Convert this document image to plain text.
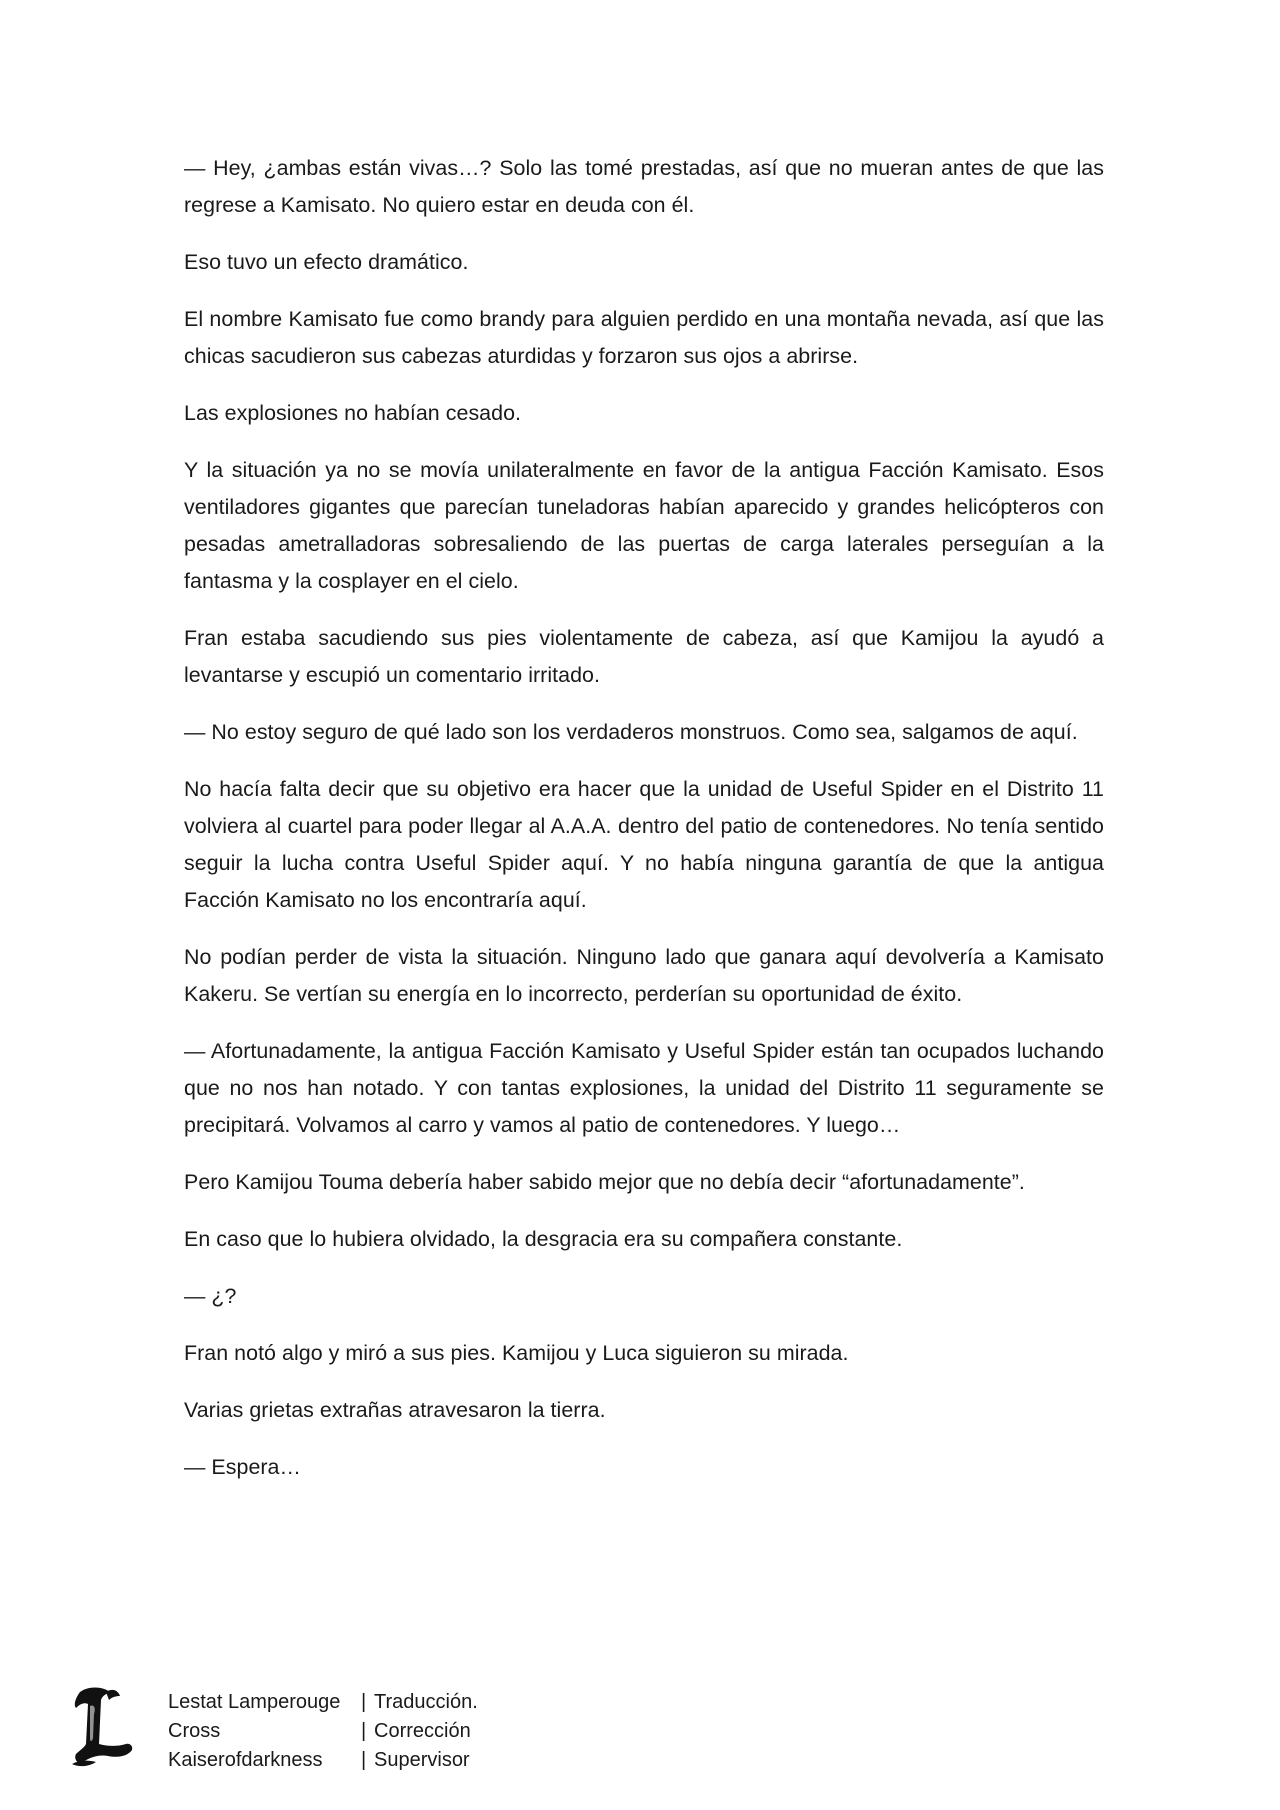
— Hey, ¿ambas están vivas…? Solo las tomé prestadas, así que no mueran antes de que las regrese a Kamisato. No quiero estar en deuda con él.

Eso tuvo un efecto dramático.

El nombre Kamisato fue como brandy para alguien perdido en una montaña nevada, así que las chicas sacudieron sus cabezas aturdidas y forzaron sus ojos a abrirse.

Las explosiones no habían cesado.

Y la situación ya no se movía unilateralmente en favor de la antigua Facción Kamisato. Esos ventiladores gigantes que parecían tuneladoras habían aparecido y grandes helicópteros con pesadas ametralladoras sobresaliendo de las puertas de carga laterales perseguían a la fantasma y la cosplayer en el cielo.

Fran estaba sacudiendo sus pies violentamente de cabeza, así que Kamijou la ayudó a levantarse y escupió un comentario irritado.

— No estoy seguro de qué lado son los verdaderos monstruos. Como sea, salgamos de aquí.

No hacía falta decir que su objetivo era hacer que la unidad de Useful Spider en el Distrito 11 volviera al cuartel para poder llegar al A.A.A. dentro del patio de contenedores. No tenía sentido seguir la lucha contra Useful Spider aquí. Y no había ninguna garantía de que la antigua Facción Kamisato no los encontraría aquí.

No podían perder de vista la situación. Ninguno lado que ganara aquí devolvería a Kamisato Kakeru. Se vertían su energía en lo incorrecto, perderían su oportunidad de éxito.

— Afortunadamente, la antigua Facción Kamisato y Useful Spider están tan ocupados luchando que no nos han notado. Y con tantas explosiones, la unidad del Distrito 11 seguramente se precipitará. Volvamos al carro y vamos al patio de contenedores. Y luego…

Pero Kamijou Touma debería haber sabido mejor que no debía decir “afortunadamente”.

En caso que lo hubiera olvidado, la desgracia era su compañera constante.

— ¿?

Fran notó algo y miró a sus pies. Kamijou y Luca siguieron su mirada.

Varias grietas extrañas atravesaron la tierra.

— Espera…

Lestat Lamperouge	| Traducción.
Cross	| Corrección
Kaiserofdarkness	| Supervisor
